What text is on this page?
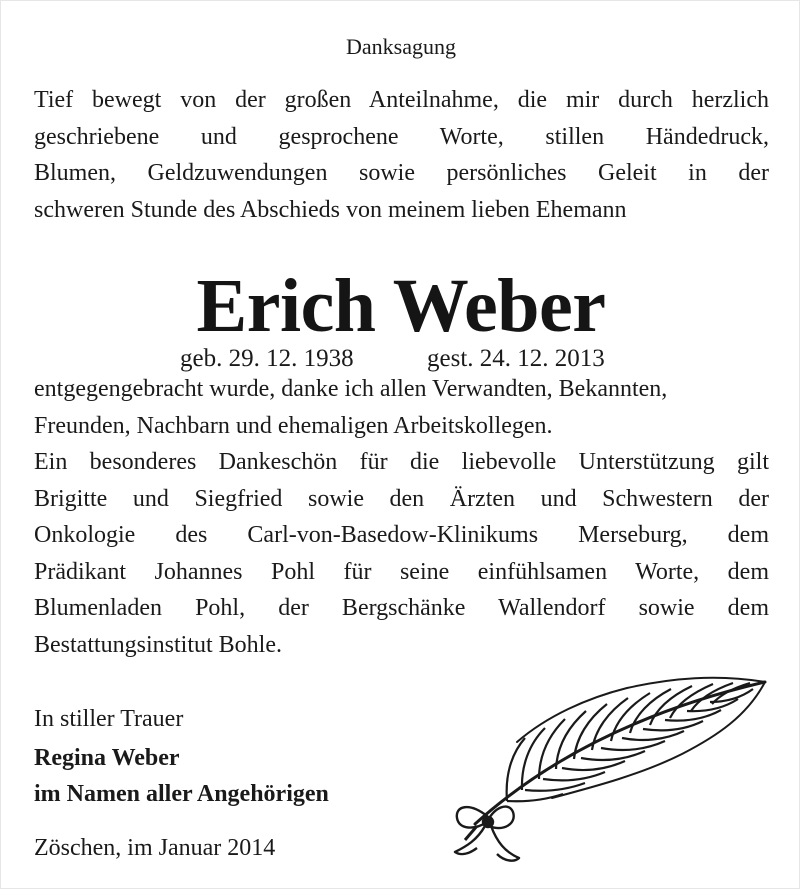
Danksagung
Tief bewegt von der großen Anteilnahme, die mir durch herzlich
geschriebene und gesprochene Worte, stillen Händedruck,
Blumen, Geldzuwendungen sowie persönliches Geleit in der
schweren Stunde des Abschieds von meinem lieben Ehemann
Erich Weber
geb. 29. 12. 1938	gest. 24. 12. 2013
entgegengebracht wurde, danke ich allen Verwandten, Bekannten,
Freunden, Nachbarn und ehemaligen Arbeitskollegen.
Ein besonderes Dankeschön für die liebevolle Unterstützung gilt
Brigitte und Siegfried sowie den Ärzten und Schwestern der
Onkologie des Carl-von-Basedow-Klinikums Merseburg, dem
Prädikant Johannes Pohl für seine einfühlsamen Worte, dem
Blumenladen Pohl, der Bergschänke Wallendorf sowie dem
Bestattungsinstitut Bohle.
In stiller Trauer
Regina Weber
im Namen aller Angehörigen
Zöschen, im Januar 2014
